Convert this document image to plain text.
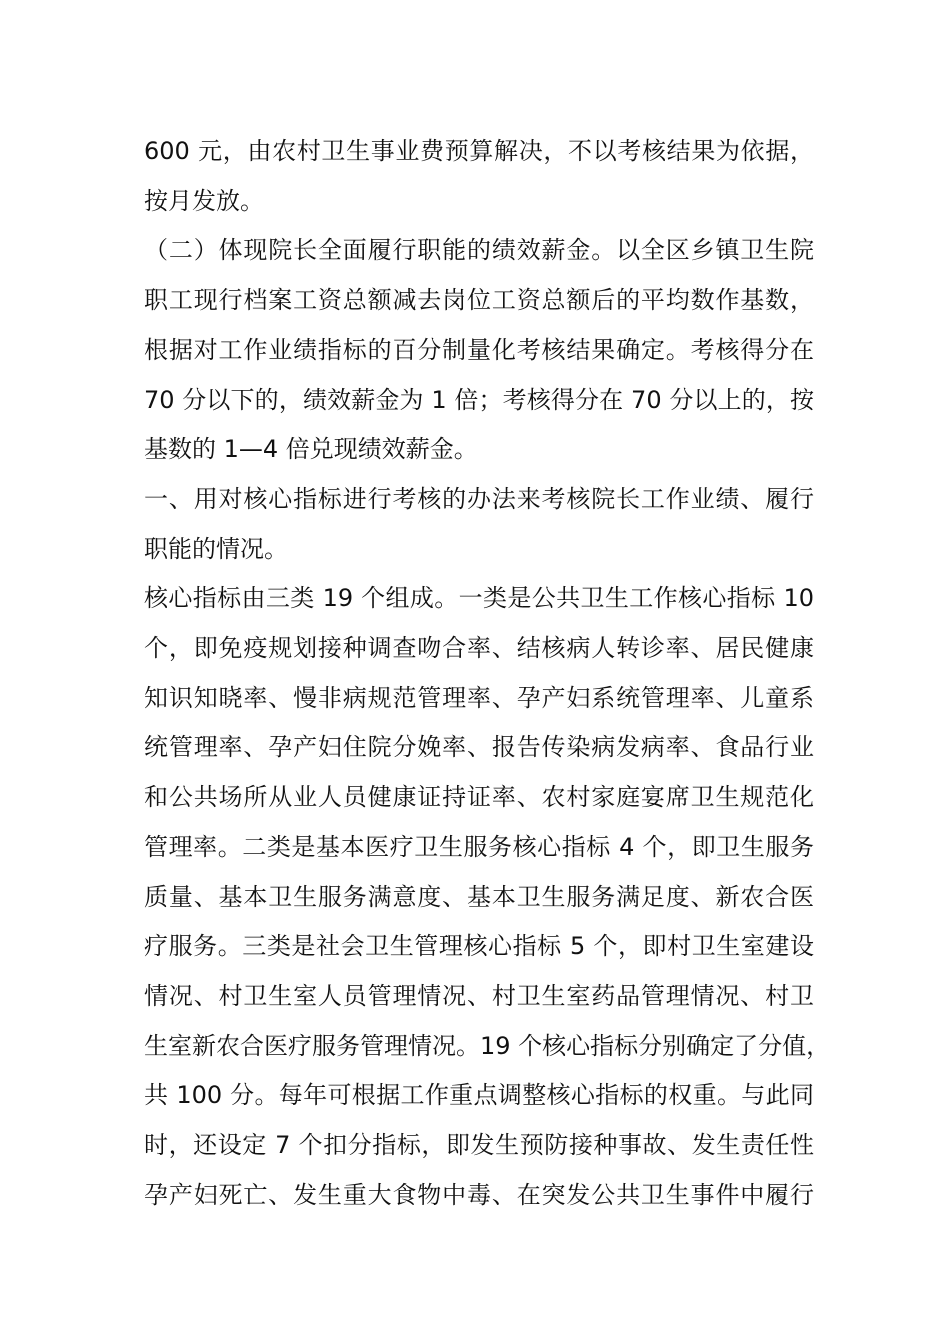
600 元，由农村卫生事业费预算解决，不以考核结果为依据，
按月发放。
（二）体现院长全面履行职能的绩效薪金。以全区乡镇卫生院
职工现行档案工资总额减去岗位工资总额后的平均数作基数，
根据对工作业绩指标的百分制量化考核结果确定。考核得分在
70 分以下的，绩效薪金为 1 倍；考核得分在 70 分以上的，按
基数的 1—4 倍兑现绩效薪金。
一、用对核心指标进行考核的办法来考核院长工作业绩、履行
职能的情况。
核心指标由三类 19 个组成。一类是公共卫生工作核心指标 10
个，即免疫规划接种调查吻合率、结核病人转诊率、居民健康
知识知晓率、慢非病规范管理率、孕产妇系统管理率、儿童系
统管理率、孕产妇住院分娩率、报告传染病发病率、食品行业
和公共场所从业人员健康证持证率、农村家庭宴席卫生规范化
管理率。二类是基本医疗卫生服务核心指标 4 个，即卫生服务
质量、基本卫生服务满意度、基本卫生服务满足度、新农合医
疗服务。三类是社会卫生管理核心指标 5 个，即村卫生室建设
情况、村卫生室人员管理情况、村卫生室药品管理情况、村卫
生室新农合医疗服务管理情况。19 个核心指标分别确定了分值，
共 100 分。每年可根据工作重点调整核心指标的权重。与此同
时，还设定 7 个扣分指标，即发生预防接种事故、发生责任性
孕产妇死亡、发生重大食物中毒、在突发公共卫生事件中履行
